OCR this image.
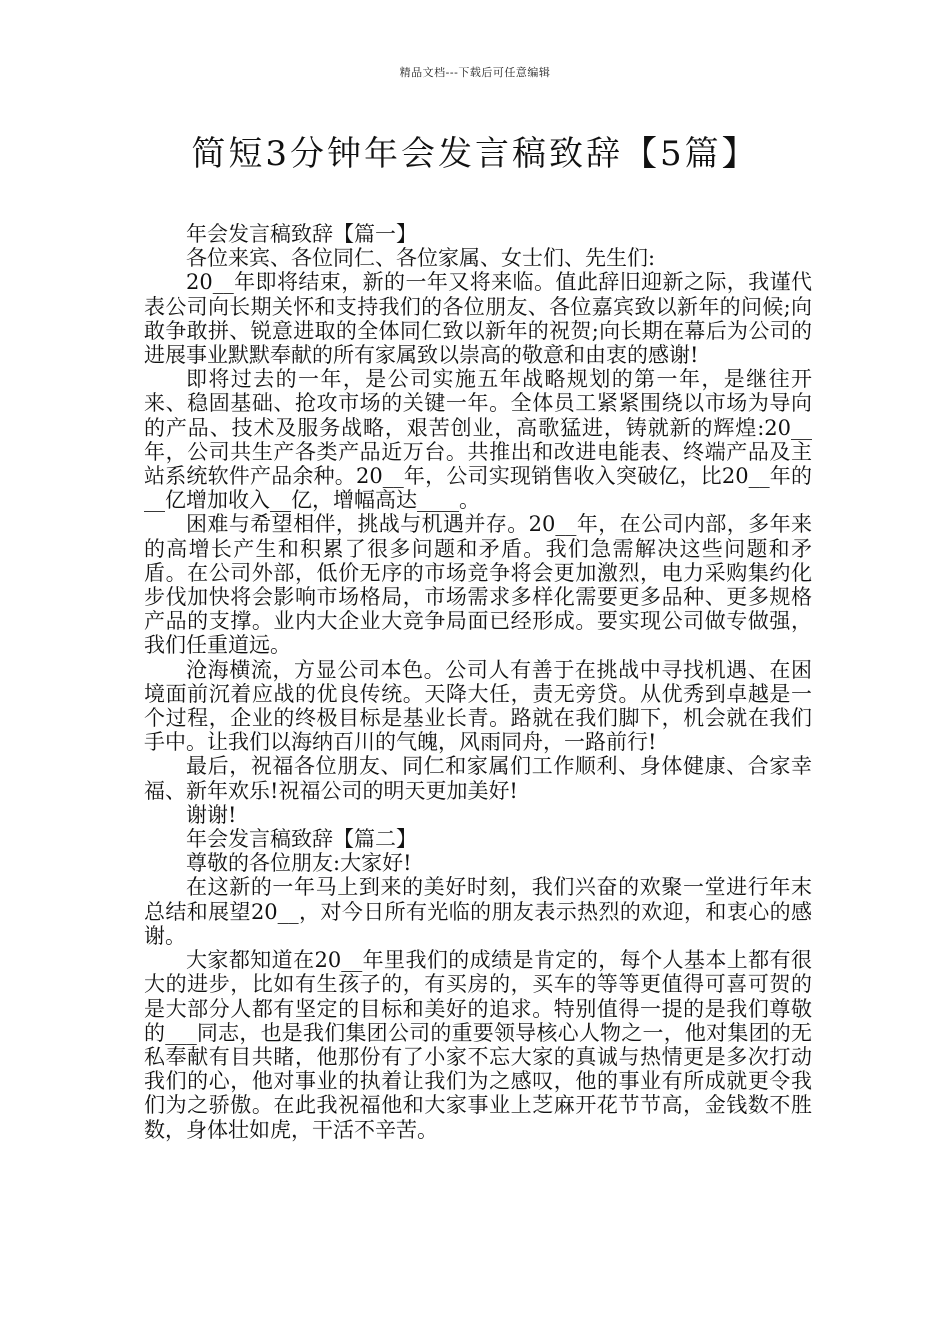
精品文档---下载后可任意编辑
简短3分钟年会发言稿致辞【5篇】

年会发言稿致辞【篇一】

各位来宾、各位同仁、各位家属、女士们、先生们:

20__年即将结束，新的一年又将来临。值此辞旧迎新之际，我谨代表公司向长期关怀和支持我们的各位朋友、各位嘉宾致以新年的问候;向敢争敢拼、锐意进取的全体同仁致以新年的祝贺;向长期在幕后为公司的进展事业默默奉献的所有家属致以崇高的敬意和由衷的感谢!

即将过去的一年，是公司实施五年战略规划的第一年，是继往开来、稳固基础、抢攻市场的关键一年。全体员工紧紧围绕以市场为导向的产品、技术及服务战略，艰苦创业，高歌猛进，铸就新的辉煌:20__年，公司共生产各类产品近万台。共推出和改进电能表、终端产品及主站系统软件产品余种。20__年，公司实现销售收入突破亿，比20__年的__亿增加收入__亿，增幅高达____。

困难与希望相伴，挑战与机遇并存。20__年，在公司内部，多年来的高增长产生和积累了很多问题和矛盾。我们急需解决这些问题和矛盾。在公司外部，低价无序的市场竞争将会更加激烈，电力采购集约化步伐加快将会影响市场格局，市场需求多样化需要更多品种、更多规格产品的支撑。业内大企业大竞争局面已经形成。要实现公司做专做强，我们任重道远。

沧海横流，方显公司本色。公司人有善于在挑战中寻找机遇、在困境面前沉着应战的优良传统。天降大任，责无旁贷。从优秀到卓越是一个过程，企业的终极目标是基业长青。路就在我们脚下，机会就在我们手中。让我们以海纳百川的气魄，风雨同舟，一路前行!

最后，祝福各位朋友、同仁和家属们工作顺利、身体健康、合家幸福、新年欢乐!祝福公司的明天更加美好!

谢谢!

年会发言稿致辞【篇二】

尊敬的各位朋友:大家好!

在这新的一年马上到来的美好时刻，我们兴奋的欢聚一堂进行年末总结和展望20__，对今日所有光临的朋友表示热烈的欢迎，和衷心的感谢。

大家都知道在20__年里我们的成绩是肯定的，每个人基本上都有很大的进步，比如有生孩子的，有买房的，买车的等等更值得可喜可贺的是大部分人都有坚定的目标和美好的追求。特别值得一提的是我们尊敬的___同志，也是我们集团公司的重要领导核心人物之一，他对集团的无私奉献有目共睹，他那份有了小家不忘大家的真诚与热情更是多次打动我们的心，他对事业的执着让我们为之感叹，他的事业有所成就更令我们为之骄傲。在此我祝福他和大家事业上芝麻开花节节高，金钱数不胜数，身体壮如虎，干活不辛苦。
